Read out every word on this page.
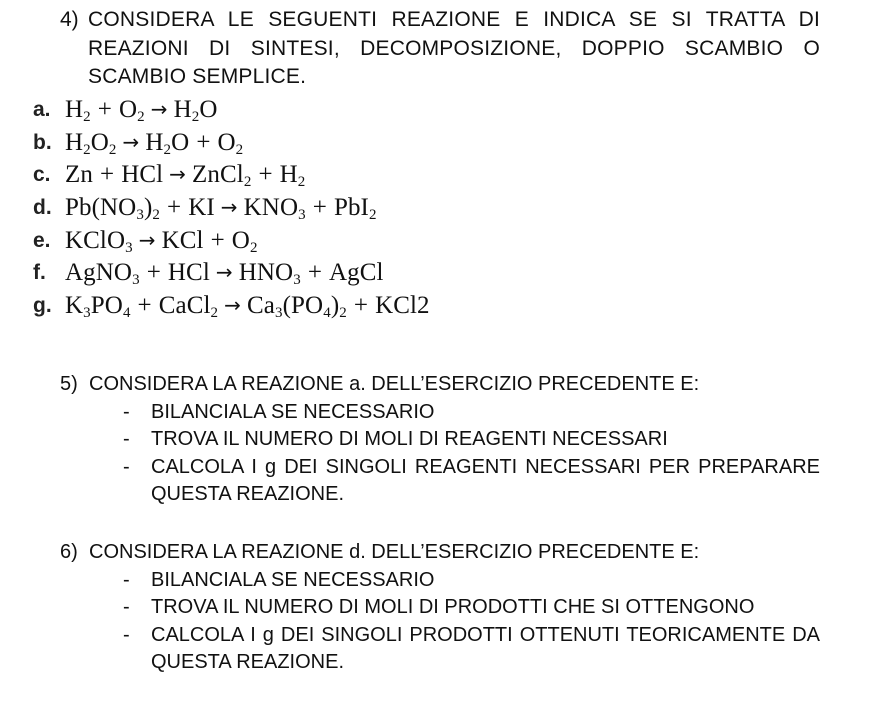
4) CONSIDERA LE SEGUENTI REAZIONE E INDICA SE SI TRATTA DI REAZIONI DI SINTESI, DECOMPOSIZIONE, DOPPIO SCAMBIO O SCAMBIO SEMPLICE.
a. $H_2 + O_2 \to H_2O$
b. $H_2O_2 \to H_2O + O_2$
c. Zn + HCl → ZnCl$_2$ + $H_2$
d. $Pb(NO_3)_2$ + KI → $KNO_3 + PbI_2$
e. KClO$_3$ → KCl + $O_2$
f. AgNO$_3$ + HCl → $HNO_3$ + AgCl
g. $K_3PO_4$ + CaCl$_2$ → $Ca_3(PO_4)_2 + KCl2$
5) CONSIDERA LA REAZIONE a. DELL’ESERCIZIO PRECEDENTE E:
- BILANCIALA SE NECESSARIO
- TROVA IL NUMERO DI MOLI DI REAGENTI NECESSARI
- CALCOLA I g DEI SINGOLI REAGENTI NECESSARI PER PREPARARE QUESTA REAZIONE.
6) CONSIDERA LA REAZIONE d. DELL’ESERCIZIO PRECEDENTE E:
- BILANCIALA SE NECESSARIO
- TROVA IL NUMERO DI MOLI DI PRODOTTI CHE SI OTTENGONO
- CALCOLA I g DEI SINGOLI PRODOTTI OTTENUTI TEORICAMENTE DA QUESTA REAZIONE.
